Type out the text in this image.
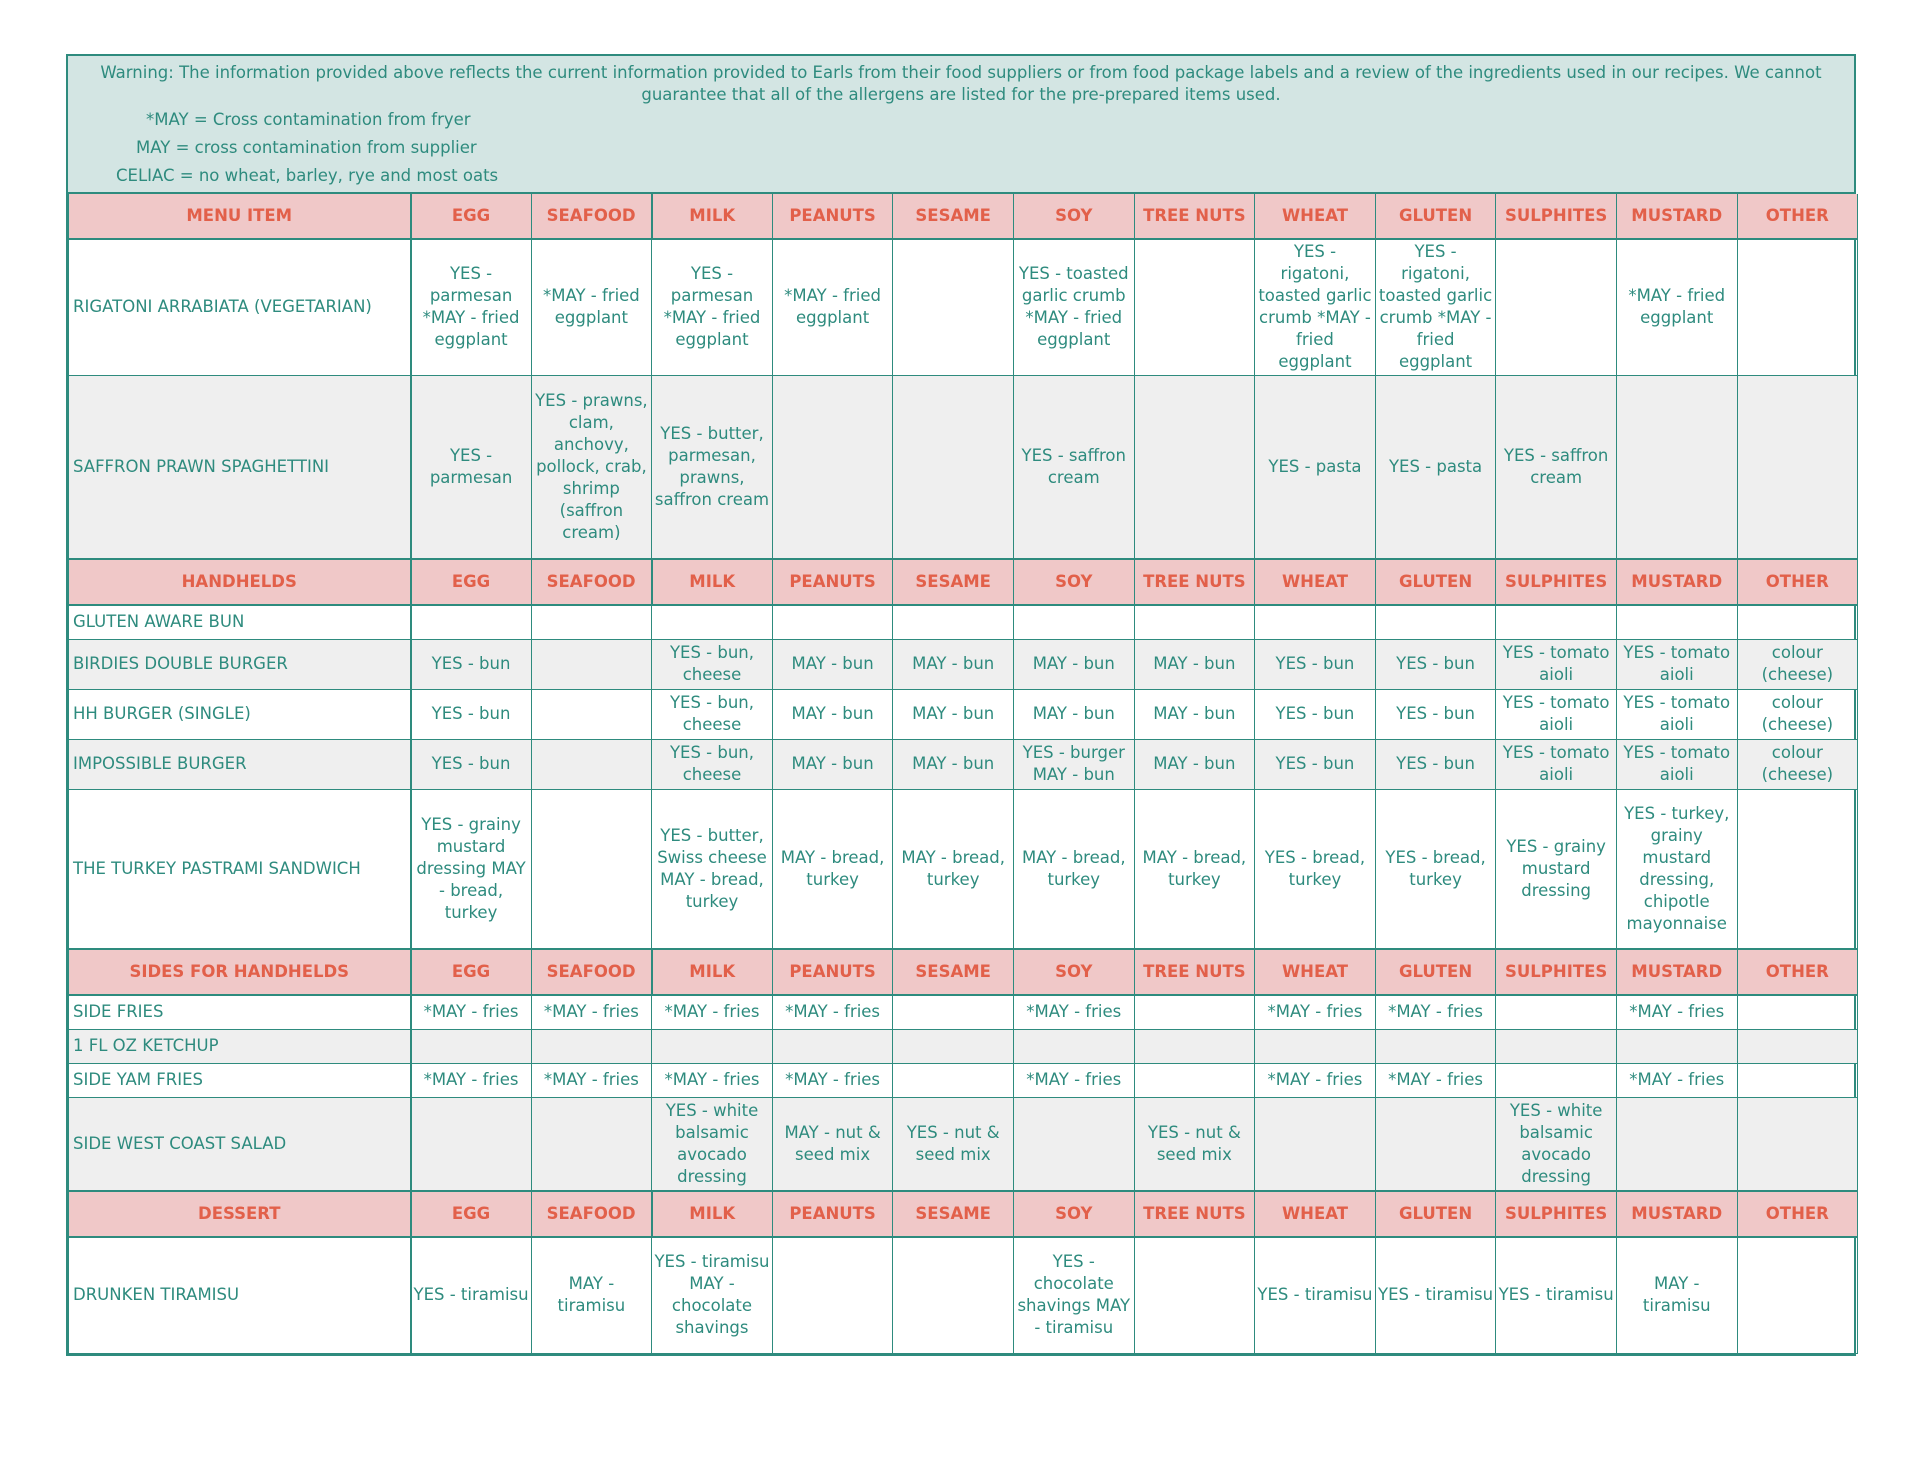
Warning: The information provided above reflects the current information provided to Earls from their food suppliers or from food package labels and a review of the ingredients used in our recipes. We cannot guarantee that all of the allergens are listed for the pre-prepared items used.

*MAY = Cross contamination from fryer

MAY = cross contamination from supplier

CELIAC = no wheat, barley, rye and most oats

MENU ITEM	EGG	SEAFOOD	MILK	PEANUTS	SESAME	SOY	TREE NUTS	WHEAT	GLUTEN	SULPHITES	MUSTARD	OTHER
RIGATONI ARRABIATA (VEGETARIAN)	YES - parmesan *MAY - fried eggplant	*MAY - fried eggplant	YES - parmesan *MAY - fried eggplant	*MAY - fried eggplant		YES - toasted garlic crumb *MAY - fried eggplant		YES - rigatoni, toasted garlic crumb *MAY - fried eggplant	YES - rigatoni, toasted garlic crumb *MAY - fried eggplant		*MAY - fried eggplant	
SAFFRON PRAWN SPAGHETTINI	YES - parmesan	YES - prawns, clam, anchovy, pollock, crab, shrimp (saffron cream)	YES - butter, parmesan, prawns, saffron cream			YES - saffron cream		YES - pasta	YES - pasta	YES - saffron cream		
HANDHELDS	EGG	SEAFOOD	MILK	PEANUTS	SESAME	SOY	TREE NUTS	WHEAT	GLUTEN	SULPHITES	MUSTARD	OTHER
GLUTEN AWARE BUN												
BIRDIES DOUBLE BURGER	YES - bun		YES - bun, cheese	MAY - bun	MAY - bun	MAY - bun	MAY - bun	YES - bun	YES - bun	YES - tomato aioli	YES - tomato aioli	colour (cheese)
HH BURGER (SINGLE)	YES - bun		YES - bun, cheese	MAY - bun	MAY - bun	MAY - bun	MAY - bun	YES - bun	YES - bun	YES - tomato aioli	YES - tomato aioli	colour (cheese)
IMPOSSIBLE BURGER	YES - bun		YES - bun, cheese	MAY - bun	MAY - bun	YES - burger MAY - bun	MAY - bun	YES - bun	YES - bun	YES - tomato aioli	YES - tomato aioli	colour (cheese)
THE TURKEY PASTRAMI SANDWICH	YES - grainy mustard dressing MAY - bread, turkey		YES - butter, Swiss cheese MAY - bread, turkey	MAY - bread, turkey	MAY - bread, turkey	MAY - bread, turkey	MAY - bread, turkey	YES - bread, turkey	YES - bread, turkey	YES - grainy mustard dressing	YES - turkey, grainy mustard dressing, chipotle mayonnaise	
SIDES FOR HANDHELDS	EGG	SEAFOOD	MILK	PEANUTS	SESAME	SOY	TREE NUTS	WHEAT	GLUTEN	SULPHITES	MUSTARD	OTHER
SIDE FRIES	*MAY - fries	*MAY - fries	*MAY - fries	*MAY - fries		*MAY - fries		*MAY - fries	*MAY - fries		*MAY - fries	
1 FL OZ KETCHUP												
SIDE YAM FRIES	*MAY - fries	*MAY - fries	*MAY - fries	*MAY - fries		*MAY - fries		*MAY - fries	*MAY - fries		*MAY - fries	
SIDE WEST COAST SALAD			YES - white balsamic avocado dressing	MAY - nut & seed mix	YES - nut & seed mix		YES - nut & seed mix			YES - white balsamic avocado dressing		
DESSERT	EGG	SEAFOOD	MILK	PEANUTS	SESAME	SOY	TREE NUTS	WHEAT	GLUTEN	SULPHITES	MUSTARD	OTHER
DRUNKEN TIRAMISU	YES - tiramisu	MAY - tiramisu	YES - tiramisu MAY - chocolate shavings			YES - chocolate shavings MAY - tiramisu		YES - tiramisu	YES - tiramisu	YES - tiramisu	MAY - tiramisu	
